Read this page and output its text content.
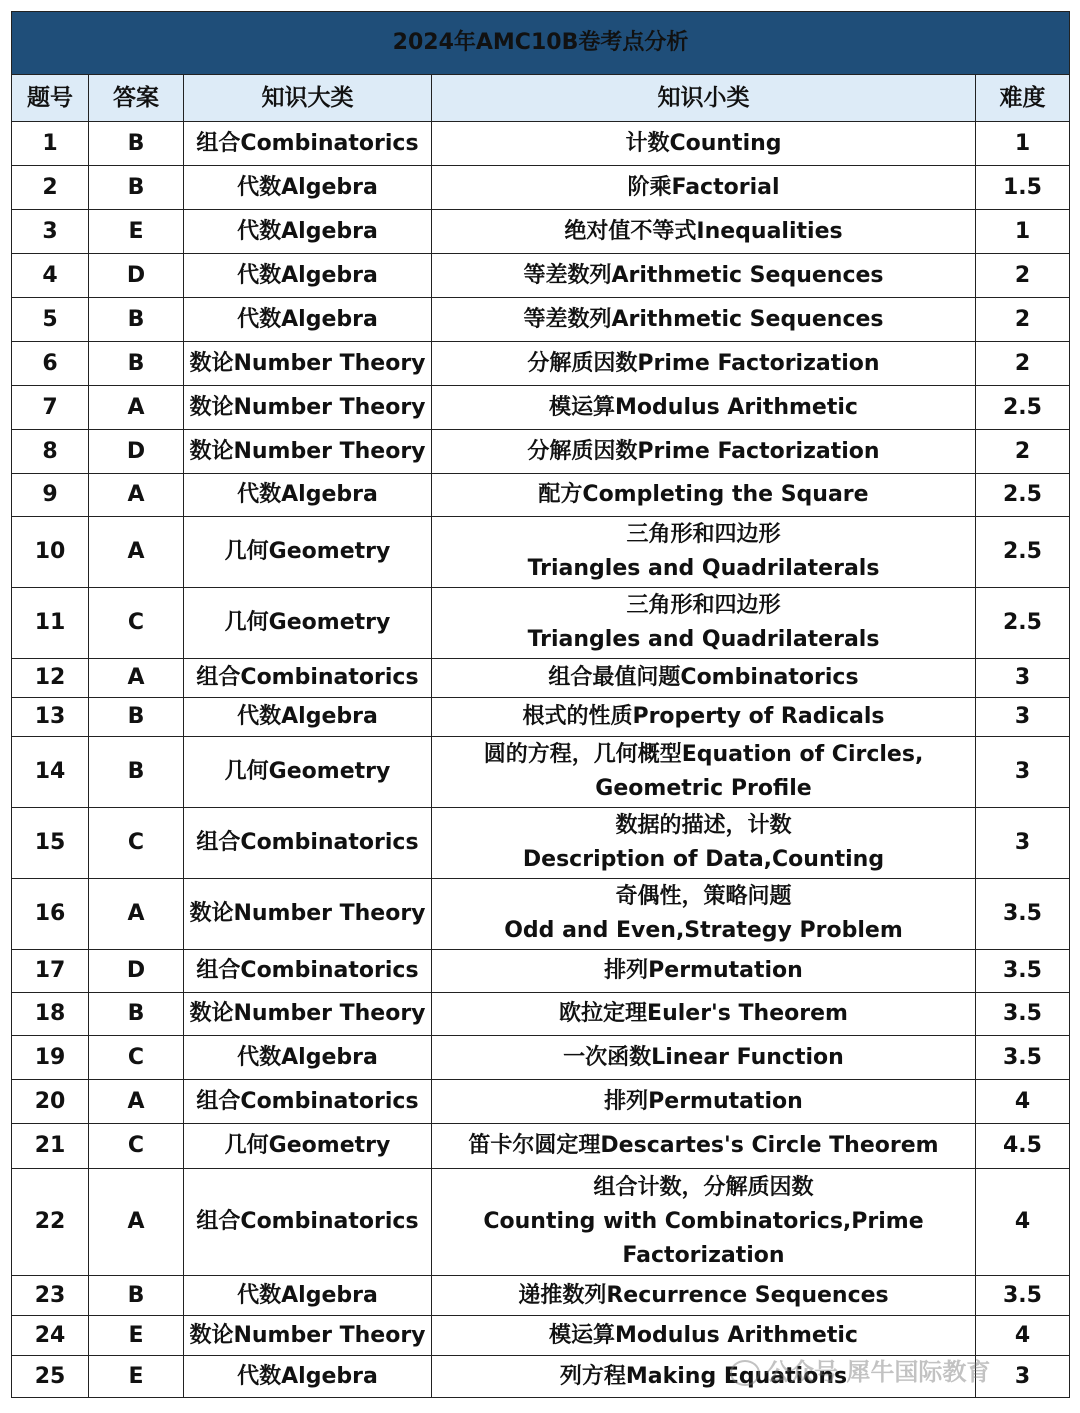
2024年AMC10B卷考点分析				
题号	答案	知识大类	知识小类	难度
1	B	组合Combinatorics	计数Counting	1
2	B	代数Algebra	阶乘Factorial	1.5
3	E	代数Algebra	绝对值不等式Inequalities	1
4	D	代数Algebra	等差数列Arithmetic Sequences	2
5	B	代数Algebra	等差数列Arithmetic Sequences	2
6	B	数论Number Theory	分解质因数Prime Factorization	2
7	A	数论Number Theory	模运算Modulus Arithmetic	2.5
8	D	数论Number Theory	分解质因数Prime Factorization	2
9	A	代数Algebra	配方Completing the Square	2.5
10	A	几何Geometry	三角形和四边形
Triangles and Quadrilaterals	2.5
11	C	几何Geometry	三角形和四边形
Triangles and Quadrilaterals	2.5
12	A	组合Combinatorics	组合最值问题Combinatorics	3
13	B	代数Algebra	根式的性质Property of Radicals	3
14	B	几何Geometry	圆的方程，几何概型Equation of Circles,
Geometric Profile	3
15	C	组合Combinatorics	数据的描述，计数
Description of Data,Counting	3
16	A	数论Number Theory	奇偶性，策略问题
Odd and Even,Strategy Problem	3.5
17	D	组合Combinatorics	排列Permutation	3.5
18	B	数论Number Theory	欧拉定理Euler's Theorem	3.5
19	C	代数Algebra	一次函数Linear Function	3.5
20	A	组合Combinatorics	排列Permutation	4
21	C	几何Geometry	笛卡尔圆定理Descartes's Circle Theorem	4.5
22	A	组合Combinatorics	组合计数，分解质因数
Counting with Combinatorics,Prime
Factorization	4
23	B	代数Algebra	递推数列Recurrence Sequences	3.5
24	E	数论Number Theory	模运算Modulus Arithmetic	4
25	E	代数Algebra	列方程Making Equations	3
公众号 犀牛国际教育
